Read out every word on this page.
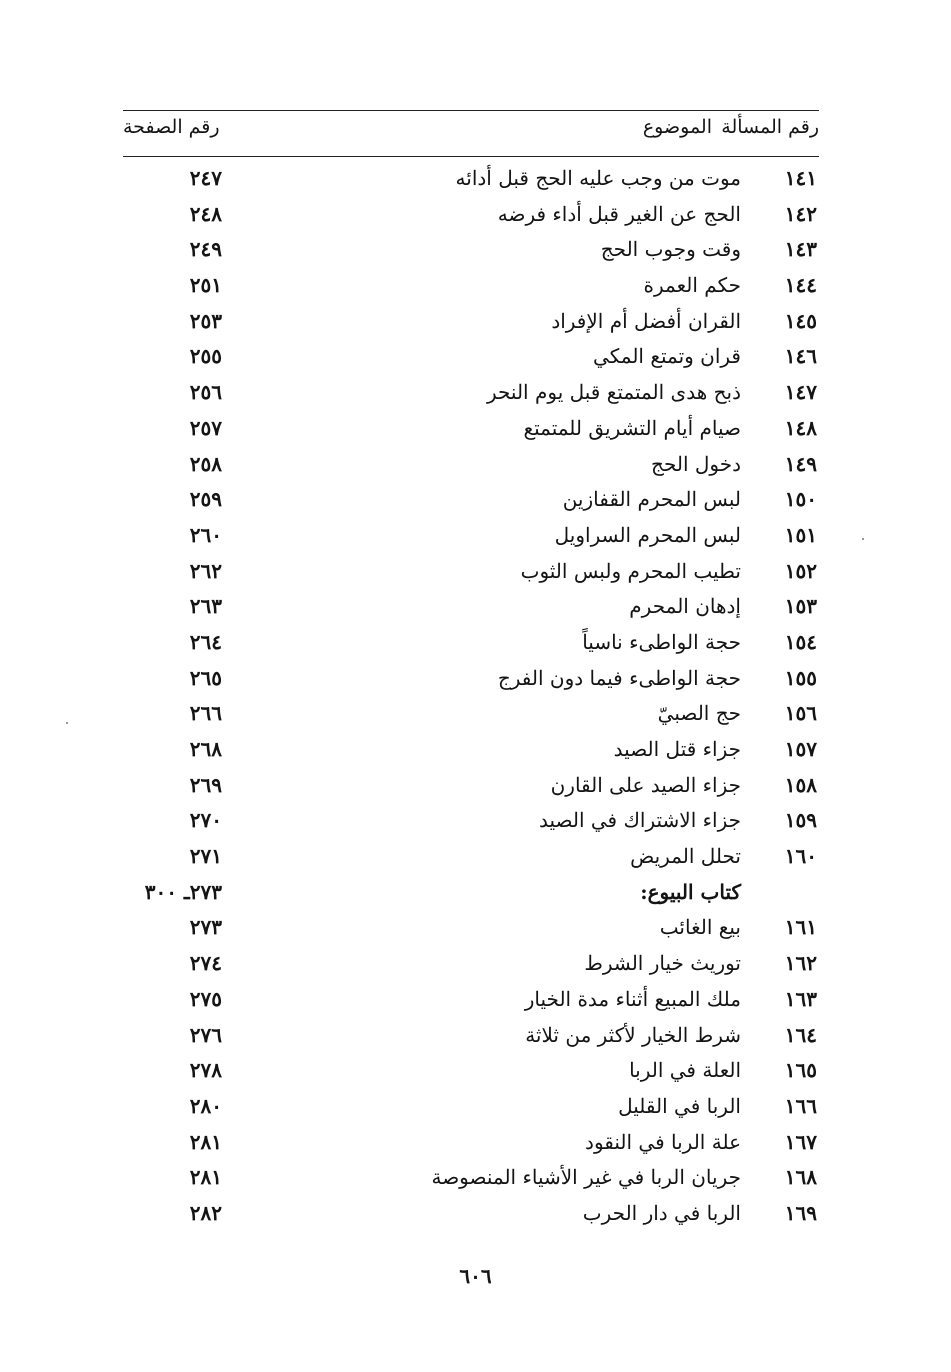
رقم المسألة
الموضوع
رقم الصفحة
١٤١
موت من وجب عليه الحج قبل أدائه
٢٤٧
١٤٢
الحج عن الغير قبل أداء فرضه
٢٤٨
١٤٣
وقت وجوب الحج
٢٤٩
١٤٤
حكم العمرة
٢٥١
١٤٥
القران أفضل أم الإفراد
٢٥٣
١٤٦
قران وتمتع المكي
٢٥٥
١٤٧
ذبح هدى المتمتع قبل يوم النحر
٢٥٦
١٤٨
صيام أيام التشريق للمتمتع
٢٥٧
١٤٩
دخول الحج
٢٥٨
١٥٠
لبس المحرم القفازين
٢٥٩
١٥١
لبس المحرم السراويل
٢٦٠
١٥٢
تطيب المحرم ولبس الثوب
٢٦٢
١٥٣
إدهان المحرم
٢٦٣
١٥٤
حجة الواطىء ناسياً
٢٦٤
١٥٥
حجة الواطىء فيما دون الفرج
٢٦٥
١٥٦
حج الصبيّ
٢٦٦
١٥٧
جزاء قتل الصيد
٢٦٨
١٥٨
جزاء الصيد على القارن
٢٦٩
١٥٩
جزاء الاشتراك في الصيد
٢٧٠
١٦٠
تحلل المريض
٢٧١
كتاب البيوع:
٢٧٣ـ ٣٠٠
١٦١
بيع الغائب
٢٧٣
١٦٢
توريث خيار الشرط
٢٧٤
١٦٣
ملك المبيع أثناء مدة الخيار
٢٧٥
١٦٤
شرط الخيار لأكثر من ثلاثة
٢٧٦
١٦٥
العلة في الربا
٢٧٨
١٦٦
الربا في القليل
٢٨٠
١٦٧
علة الربا في النقود
٢٨١
١٦٨
جريان الربا في غير الأشياء المنصوصة
٢٨١
١٦٩
الربا في دار الحرب
٢٨٢
٦٠٦
